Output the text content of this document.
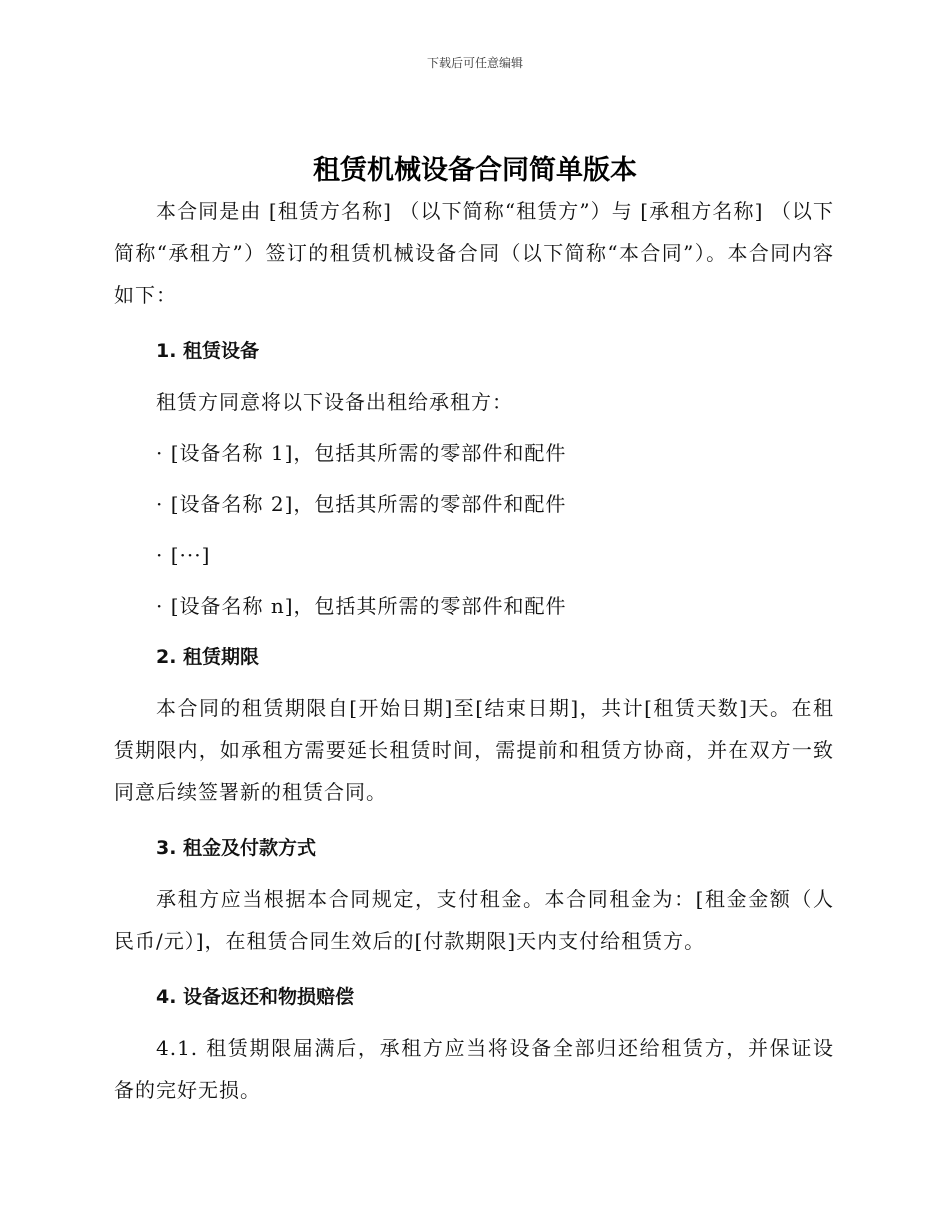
下载后可任意编辑
租赁机械设备合同简单版本

本合同是由 [租赁方名称] （以下简称“租赁方”）与 [承租方名称] （以下简称“承租方”）签订的租赁机械设备合同（以下简称“本合同”）。本合同内容如下：

1. 租赁设备
租赁方同意将以下设备出租给承租方：
· [设备名称 1]，包括其所需的零部件和配件
· [设备名称 2]，包括其所需的零部件和配件
· [···]
· [设备名称 n]，包括其所需的零部件和配件
2. 租赁期限

本合同的租赁期限自[开始日期]至[结束日期]，共计[租赁天数]天。在租赁期限内，如承租方需要延长租赁时间，需提前和租赁方协商，并在双方一致同意后续签署新的租赁合同。

3. 租金及付款方式

承租方应当根据本合同规定，支付租金。本合同租金为：[租金金额（人民币/元）]，在租赁合同生效后的[付款期限]天内支付给租赁方。

4. 设备返还和物损赔偿

4.1. 租赁期限届满后，承租方应当将设备全部归还给租赁方，并保证设备的完好无损。
